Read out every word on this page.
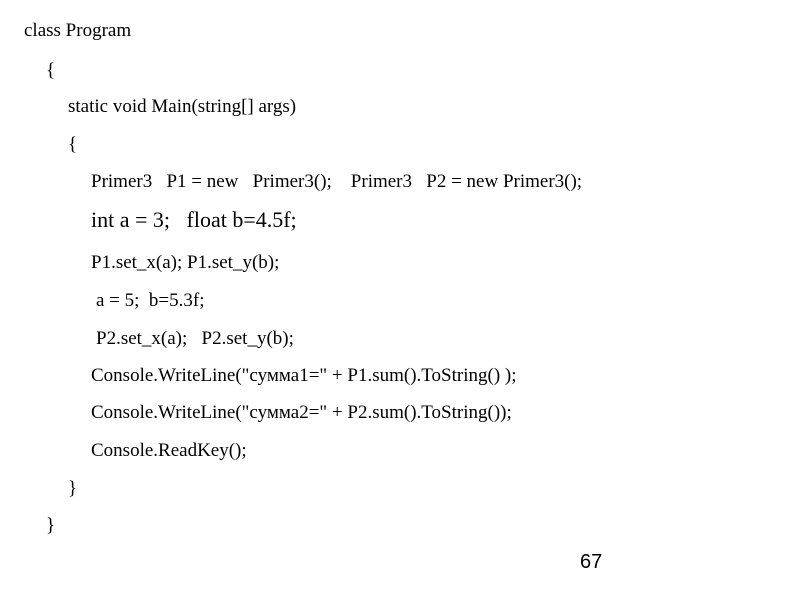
class Program

{

static void Main(string[] args)

{

Primer3   P1 = new   Primer3();    Primer3   P2 = new Primer3();

int a = 3;   float b=4.5f;

P1.set_x(a); P1.set_y(b);

a = 5;  b=5.3f;

P2.set_x(a);   P2.set_y(b);

Console.WriteLine("сумма1=" + P1.sum().ToString() );

Console.WriteLine("сумма2=" + P2.sum().ToString());

Console.ReadKey();

}

}

67
